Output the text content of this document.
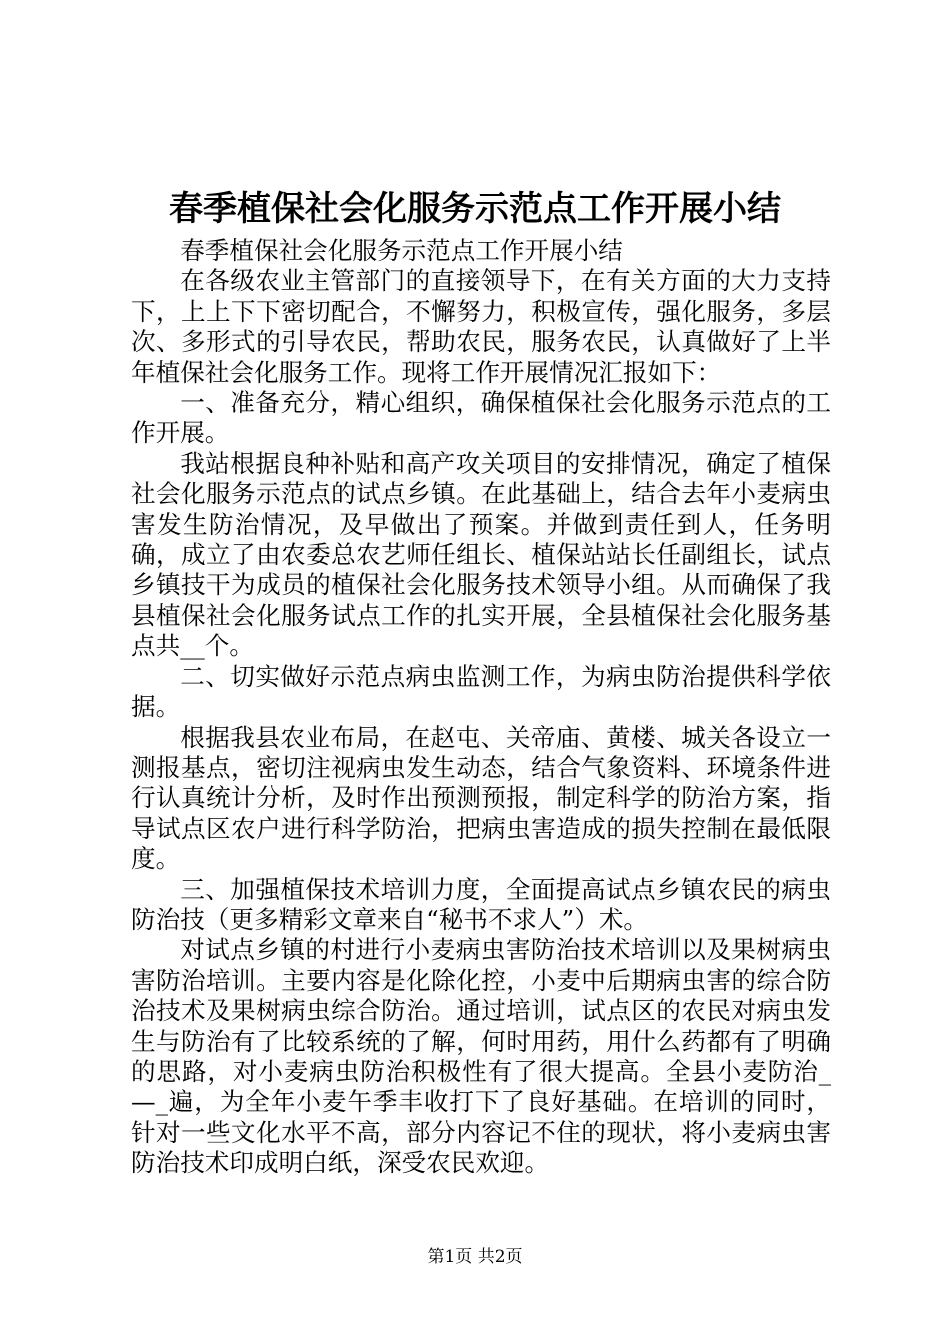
春季植保社会化服务示范点工作开展小结

春季植保社会化服务示范点工作开展小结

在各级农业主管部门的直接领导下，在有关方面的大力支持下，上上下下密切配合，不懈努力，积极宣传，强化服务，多层次、多形式的引导农民，帮助农民，服务农民，认真做好了上半年植保社会化服务工作。现将工作开展情况汇报如下：

一、准备充分，精心组织，确保植保社会化服务示范点的工作开展。

我站根据良种补贴和高产攻关项目的安排情况，确定了植保社会化服务示范点的试点乡镇。在此基础上，结合去年小麦病虫害发生防治情况，及早做出了预案。并做到责任到人，任务明确，成立了由农委总农艺师任组长、植保站站长任副组长，试点乡镇技干为成员的植保社会化服务技术领导小组。从而确保了我县植保社会化服务试点工作的扎实开展，全县植保社会化服务基点共__个。

二、切实做好示范点病虫监测工作，为病虫防治提供科学依据。

根据我县农业布局，在赵屯、关帝庙、黄楼、城关各设立一测报基点，密切注视病虫发生动态，结合气象资料、环境条件进行认真统计分析，及时作出预测预报，制定科学的防治方案，指导试点区农户进行科学防治，把病虫害造成的损失控制在最低限度。

三、加强植保技术培训力度，全面提高试点乡镇农民的病虫防治技（更多精彩文章来自“秘书不求人”）术。

对试点乡镇的村进行小麦病虫害防治技术培训以及果树病虫害防治培训。主要内容是化除化控，小麦中后期病虫害的综合防治技术及果树病虫综合防治。通过培训，试点区的农民对病虫发生与防治有了比较系统的了解，何时用药，用什么药都有了明确的思路，对小麦病虫防治积极性有了很大提高。全县小麦防治_—_遍，为全年小麦午季丰收打下了良好基础。在培训的同时，针对一些文化水平不高，部分内容记不住的现状，将小麦病虫害防治技术印成明白纸，深受农民欢迎。

第1页 共2页
